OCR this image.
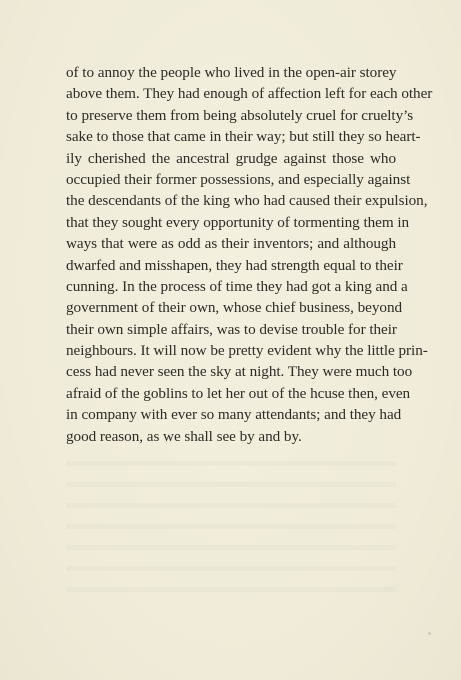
of to annoy the people who lived in the open-air storey
above them. They had enough of affection left for each other
to preserve them from being absolutely cruel for cruelty’s
sake to those that came in their way; but still they so heart-
ily cherished the ancestral grudge against those who
occupied their former possessions, and especially against
the descendants of the king who had caused their expulsion,
that they sought every opportunity of tormenting them in
ways that were as odd as their inventors; and although
dwarfed and misshapen, they had strength equal to their
cunning. In the process of time they had got a king and a
government of their own, whose chief business, beyond
their own simple affairs, was to devise trouble for their
neighbours. It will now be pretty evident why the little prin-
cess had never seen the sky at night. They were much too
afraid of the goblins to let her out of the hcuse then, even
in company with ever so many attendants; and they had
good reason, as we shall see by and by.
